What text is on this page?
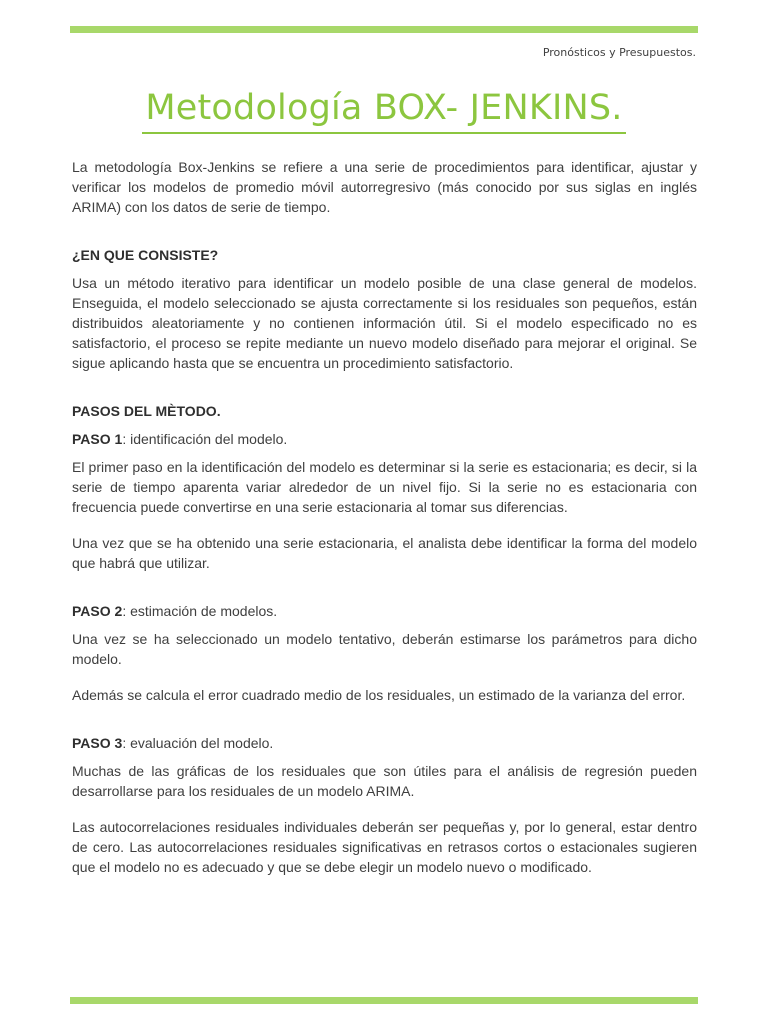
Pronósticos y Presupuestos.
Metodología BOX- JENKINS.

La metodología Box-Jenkins se refiere a una serie de procedimientos para identificar, ajustar y verificar los modelos de promedio móvil autorregresivo (más conocido por sus siglas en inglés ARIMA) con los datos de serie de tiempo.

¿EN QUE CONSISTE?

Usa un método iterativo para identificar un modelo posible de una clase general de modelos. Enseguida, el modelo seleccionado se ajusta correctamente si los residuales son pequeños, están distribuidos aleatoriamente y no contienen información útil. Si el modelo especificado no es satisfactorio, el proceso se repite mediante un nuevo modelo diseñado para mejorar el original. Se sigue aplicando hasta que se encuentra un procedimiento satisfactorio.

PASOS DEL MÈTODO.

PASO 1: identificación del modelo.

El primer paso en la identificación del modelo es determinar si la serie es estacionaria; es decir, si la serie de tiempo aparenta variar alrededor de un nivel fijo. Si la serie no es estacionaria con frecuencia puede convertirse en una serie estacionaria al tomar sus diferencias.

Una vez que se ha obtenido una serie estacionaria, el analista debe identificar la forma del modelo que habrá que utilizar.

PASO 2: estimación de modelos.

Una vez se ha seleccionado un modelo tentativo, deberán estimarse los parámetros para dicho modelo.

Además se calcula el error cuadrado medio de los residuales, un estimado de la varianza del error.

PASO 3: evaluación del modelo.

Muchas de las gráficas de los residuales que son útiles para el análisis de regresión pueden desarrollarse para los residuales de un modelo ARIMA.

Las autocorrelaciones residuales individuales deberán ser pequeñas y, por lo general, estar dentro de cero. Las autocorrelaciones residuales significativas en retrasos cortos o estacionales sugieren que el modelo no es adecuado y que se debe elegir un modelo nuevo o modificado.
